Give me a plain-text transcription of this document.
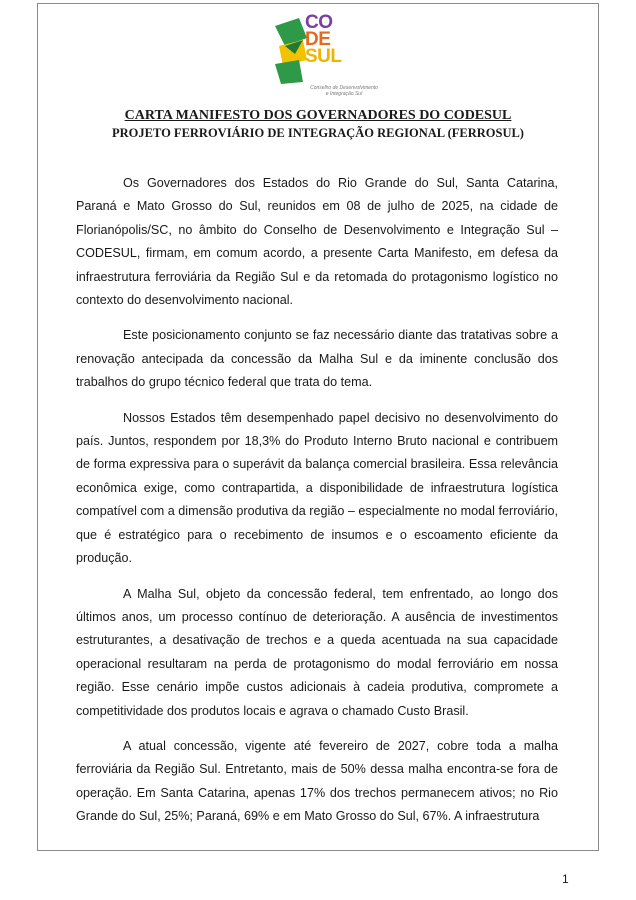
CO
DE
SUL
Conselho de Desenvolvimento e Integração Sul
CARTA MANIFESTO DOS GOVERNADORES DO CODESUL
PROJETO FERROVIÁRIO DE INTEGRAÇÃO REGIONAL (FERROSUL)

Os Governadores dos Estados do Rio Grande do Sul, Santa Catarina, Paraná e Mato Grosso do Sul, reunidos em 08 de julho de 2025, na cidade de Florianópolis/SC, no âmbito do Conselho de Desenvolvimento e Integração Sul – CODESUL, firmam, em comum acordo, a presente Carta Manifesto, em defesa da infraestrutura ferroviária da Região Sul e da retomada do protagonismo logístico no contexto do desenvolvimento nacional.

Este posicionamento conjunto se faz necessário diante das tratativas sobre a renovação antecipada da concessão da Malha Sul e da iminente conclusão dos trabalhos do grupo técnico federal que trata do tema.

Nossos Estados têm desempenhado papel decisivo no desenvolvimento do país. Juntos, respondem por 18,3% do Produto Interno Bruto nacional e contribuem de forma expressiva para o superávit da balança comercial brasileira. Essa relevância econômica exige, como contrapartida, a disponibilidade de infraestrutura logística compatível com a dimensão produtiva da região – especialmente no modal ferroviário, que é estratégico para o recebimento de insumos e o escoamento eficiente da produção.

A Malha Sul, objeto da concessão federal, tem enfrentado, ao longo dos últimos anos, um processo contínuo de deterioração. A ausência de investimentos estruturantes, a desativação de trechos e a queda acentuada na sua capacidade operacional resultaram na perda de protagonismo do modal ferroviário em nossa região. Esse cenário impõe custos adicionais à cadeia produtiva, compromete a competitividade dos produtos locais e agrava o chamado Custo Brasil.

A atual concessão, vigente até fevereiro de 2027, cobre toda a malha ferroviária da Região Sul. Entretanto, mais de 50% dessa malha encontra-se fora de operação. Em Santa Catarina, apenas 17% dos trechos permanecem ativos; no Rio Grande do Sul, 25%; Paraná, 69% e em Mato Grosso do Sul, 67%. A infraestrutura

1
